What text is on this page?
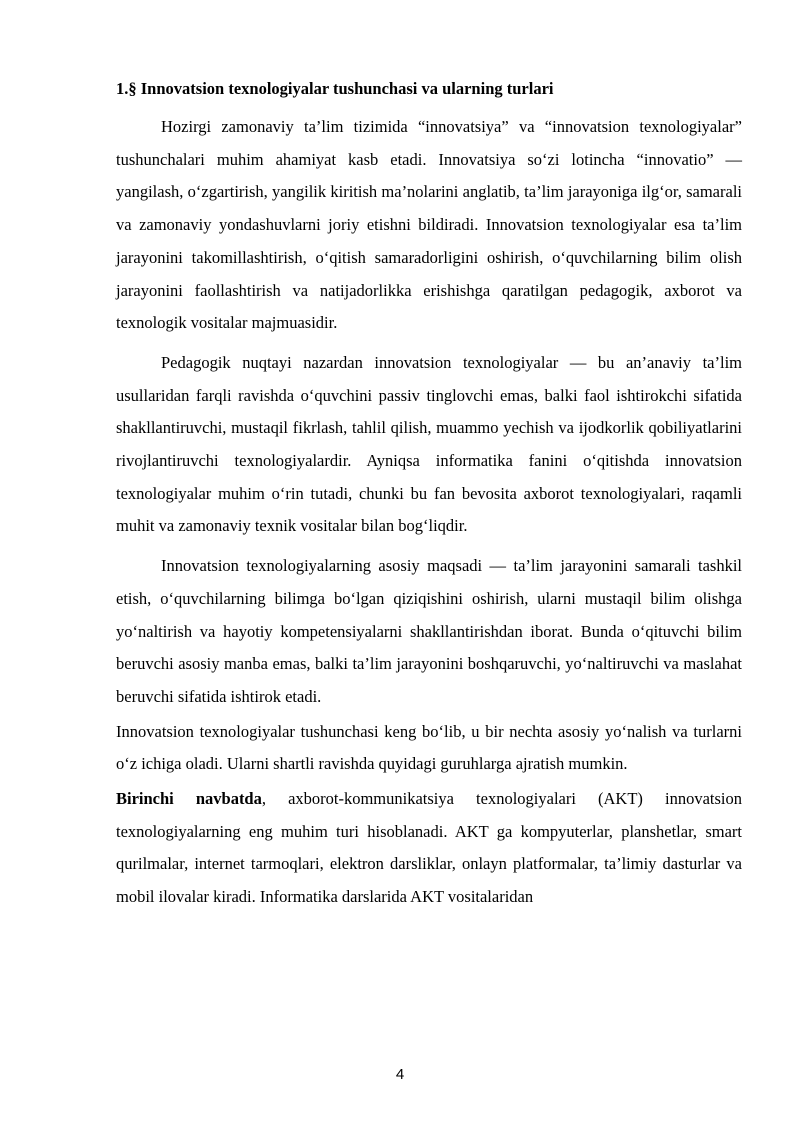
1.§ Innovatsion texnologiyalar tushunchasi va ularning turlari

Hozirgi zamonaviy ta’lim tizimida “innovatsiya” va “innovatsion texnologiyalar” tushunchalari muhim ahamiyat kasb etadi. Innovatsiya so‘zi lotincha “innovatio” — yangilash, o‘zgartirish, yangilik kiritish ma’nolarini anglatib, ta’lim jarayoniga ilg‘or, samarali va zamonaviy yondashuvlarni joriy etishni bildiradi. Innovatsion texnologiyalar esa ta’lim jarayonini takomillashtirish, o‘qitish samaradorligini oshirish, o‘quvchilarning bilim olish jarayonini faollashtirish va natijadorlikka erishishga qaratilgan pedagogik, axborot va texnologik vositalar majmuasidir.

Pedagogik nuqtayi nazardan innovatsion texnologiyalar — bu an’anaviy ta’lim usullaridan farqli ravishda o‘quvchini passiv tinglovchi emas, balki faol ishtirokchi sifatida shakllantiruvchi, mustaqil fikrlash, tahlil qilish, muammo yechish va ijodkorlik qobiliyatlarini rivojlantiruvchi texnologiyalardir. Ayniqsa informatika fanini o‘qitishda innovatsion texnologiyalar muhim o‘rin tutadi, chunki bu fan bevosita axborot texnologiyalari, raqamli muhit va zamonaviy texnik vositalar bilan bog‘liqdir.

Innovatsion texnologiyalarning asosiy maqsadi — ta’lim jarayonini samarali tashkil etish, o‘quvchilarning bilimga bo‘lgan qiziqishini oshirish, ularni mustaqil bilim olishga yo‘naltirish va hayotiy kompetensiyalarni shakllantirishdan iborat. Bunda o‘qituvchi bilim beruvchi asosiy manba emas, balki ta’lim jarayonini boshqaruvchi, yo‘naltiruvchi va maslahat beruvchi sifatida ishtirok etadi.

Innovatsion texnologiyalar tushunchasi keng bo‘lib, u bir nechta asosiy yo‘nalish va turlarni o‘z ichiga oladi. Ularni shartli ravishda quyidagi guruhlarga ajratish mumkin.

Birinchi navbatda, axborot-kommunikatsiya texnologiyalari (AKT) innovatsion texnologiyalarning eng muhim turi hisoblanadi. AKT ga kompyuterlar, planshetlar, smart qurilmalar, internet tarmoqlari, elektron darsliklar, onlayn platformalar, ta’limiy dasturlar va mobil ilovalar kiradi. Informatika darslarida AKT vositalaridan

4
